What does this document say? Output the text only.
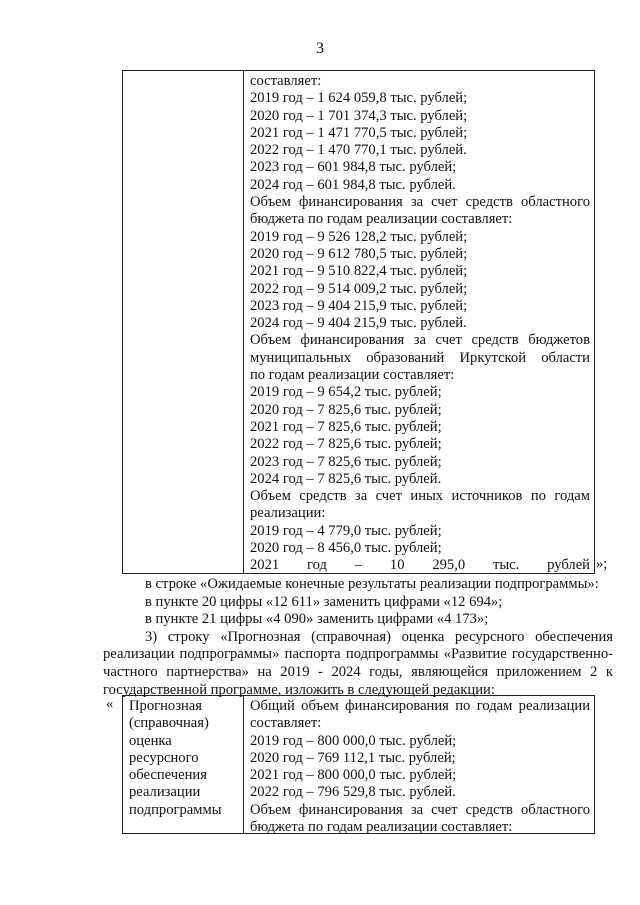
3
составляет:
2019 год – 1 624 059,8 тыс. рублей;
2020 год – 1 701 374,3 тыс. рублей;
2021 год – 1 471 770,5 тыс. рублей;
2022 год – 1 470 770,1 тыс. рублей.
2023 год – 601 984,8 тыс. рублей;
2024 год – 601 984,8 тыс. рублей.
Объем финансирования за счет средств областного
бюджета по годам реализации составляет:
2019 год – 9 526 128,2 тыс. рублей;
2020 год – 9 612 780,5 тыс. рублей;
2021 год – 9 510 822,4 тыс. рублей;
2022 год – 9 514 009,2 тыс. рублей;
2023 год – 9 404 215,9 тыс. рублей;
2024 год – 9 404 215,9 тыс. рублей.
Объем финансирования за счет средств бюджетов
муниципальных образований Иркутской области
по годам реализации составляет:
2019 год – 9 654,2 тыс. рублей;
2020 год – 7 825,6 тыс. рублей;
2021 год – 7 825,6 тыс. рублей;
2022 год – 7 825,6 тыс. рублей;
2023 год – 7 825,6 тыс. рублей;
2024 год – 7 825,6 тыс. рублей.
Объем средств за счет иных источников по годам
реализации:
2019 год – 4 779,0 тыс. рублей;
2020 год – 8 456,0 тыс. рублей;
2021 год – 10 295,0 тыс. рублей »;
в строке «Ожидаемые конечные результаты реализации подпрограммы»:
в пункте 20 цифры «12 611» заменить цифрами «12 694»;
в пункте 21 цифры «4 090» заменить цифрами «4 173»;
3) строку «Прогнозная (справочная) оценка ресурсного обеспечения реализации подпрограммы» паспорта подпрограммы «Развитие государственно-частного партнерства» на 2019 - 2024 годы, являющейся приложением 2 к государственной программе, изложить в следующей редакции:
« Прогнозная
(справочная)
оценка
ресурсного
обеспечения
реализации
подпрограммы
Общий объем финансирования по годам реализации
составляет:
2019 год – 800 000,0 тыс. рублей;
2020 год – 769 112,1 тыс. рублей;
2021 год – 800 000,0 тыс. рублей;
2022 год – 796 529,8 тыс. рублей.
Объем финансирования за счет средств областного
бюджета по годам реализации составляет:
